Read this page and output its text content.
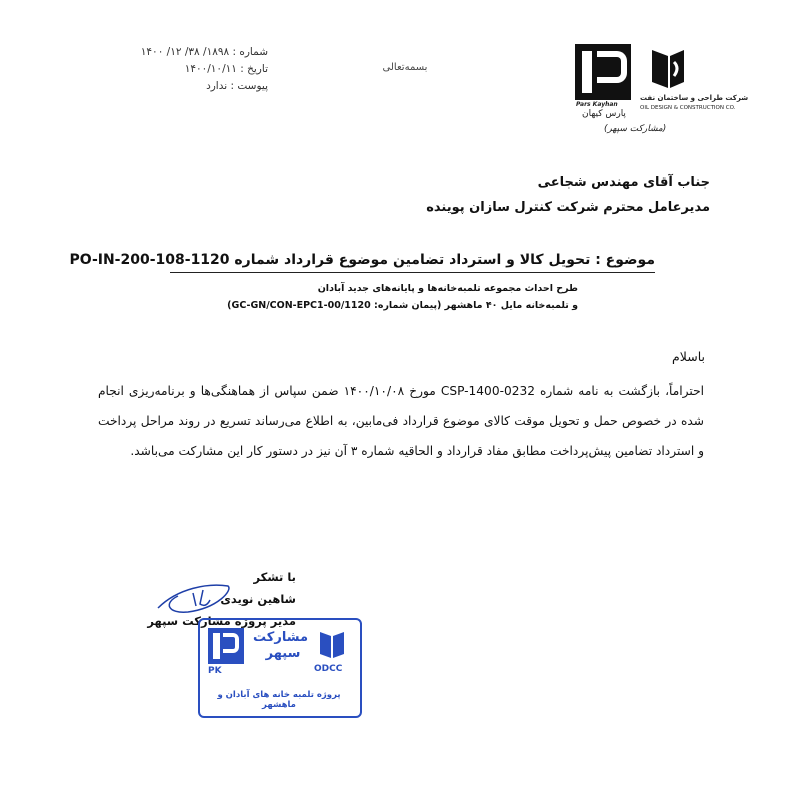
شماره : ۱۸۹۸/ ۳۸/ ۱۲/ ۱۴۰۰
تاریخ : ۱۴۰۰/۱۰/۱۱
پیوست : ندارد
بسمه‌تعالی
Pars Kayhan
پارس کیهان
شرکت طراحی و ساختمان نفت
OIL DESIGN & CONSTRUCTION CO.
(مشارکت سپهر)
جناب آقای مهندس شجاعی
مدیرعامل محترم شرکت کنترل سازان پوینده
موضوع : تحویل کالا و استرداد تضامین موضوع قرارداد شماره 1120-PO-IN-200-108
طرح احداث مجموعه تلمبه‌خانه‌ها و پایانه‌های جدید آبادان
و تلمبه‌خانه مایل ۴۰ ماهشهر (پیمان شماره: 1120/GC-GN/CON-EPC1-00)
باسلام
احتراماً، بازگشت به نامه شماره CSP-1400-0232 مورخ ۱۴۰۰/۱۰/۰۸ ضمن سپاس از هماهنگی‌ها و برنامه‌ریزی انجام شده در خصوص حمل و تحویل موقت کالای موضوع قرارداد فی‌مابین، به اطلاع می‌رساند تسریع در روند مراحل پرداخت و استرداد تضامین پیش‌پرداخت مطابق مفاد قرارداد و الحاقیه شماره ۳ آن نیز در دستور کار این مشارکت می‌باشد.
با تشکر
شاهین نویدی
مدیر پروژه مشارکت سپهر
PK
مشارکت سپهر
ODCC
پروژه تلمبه خانه های آبادان و ماهشهر
